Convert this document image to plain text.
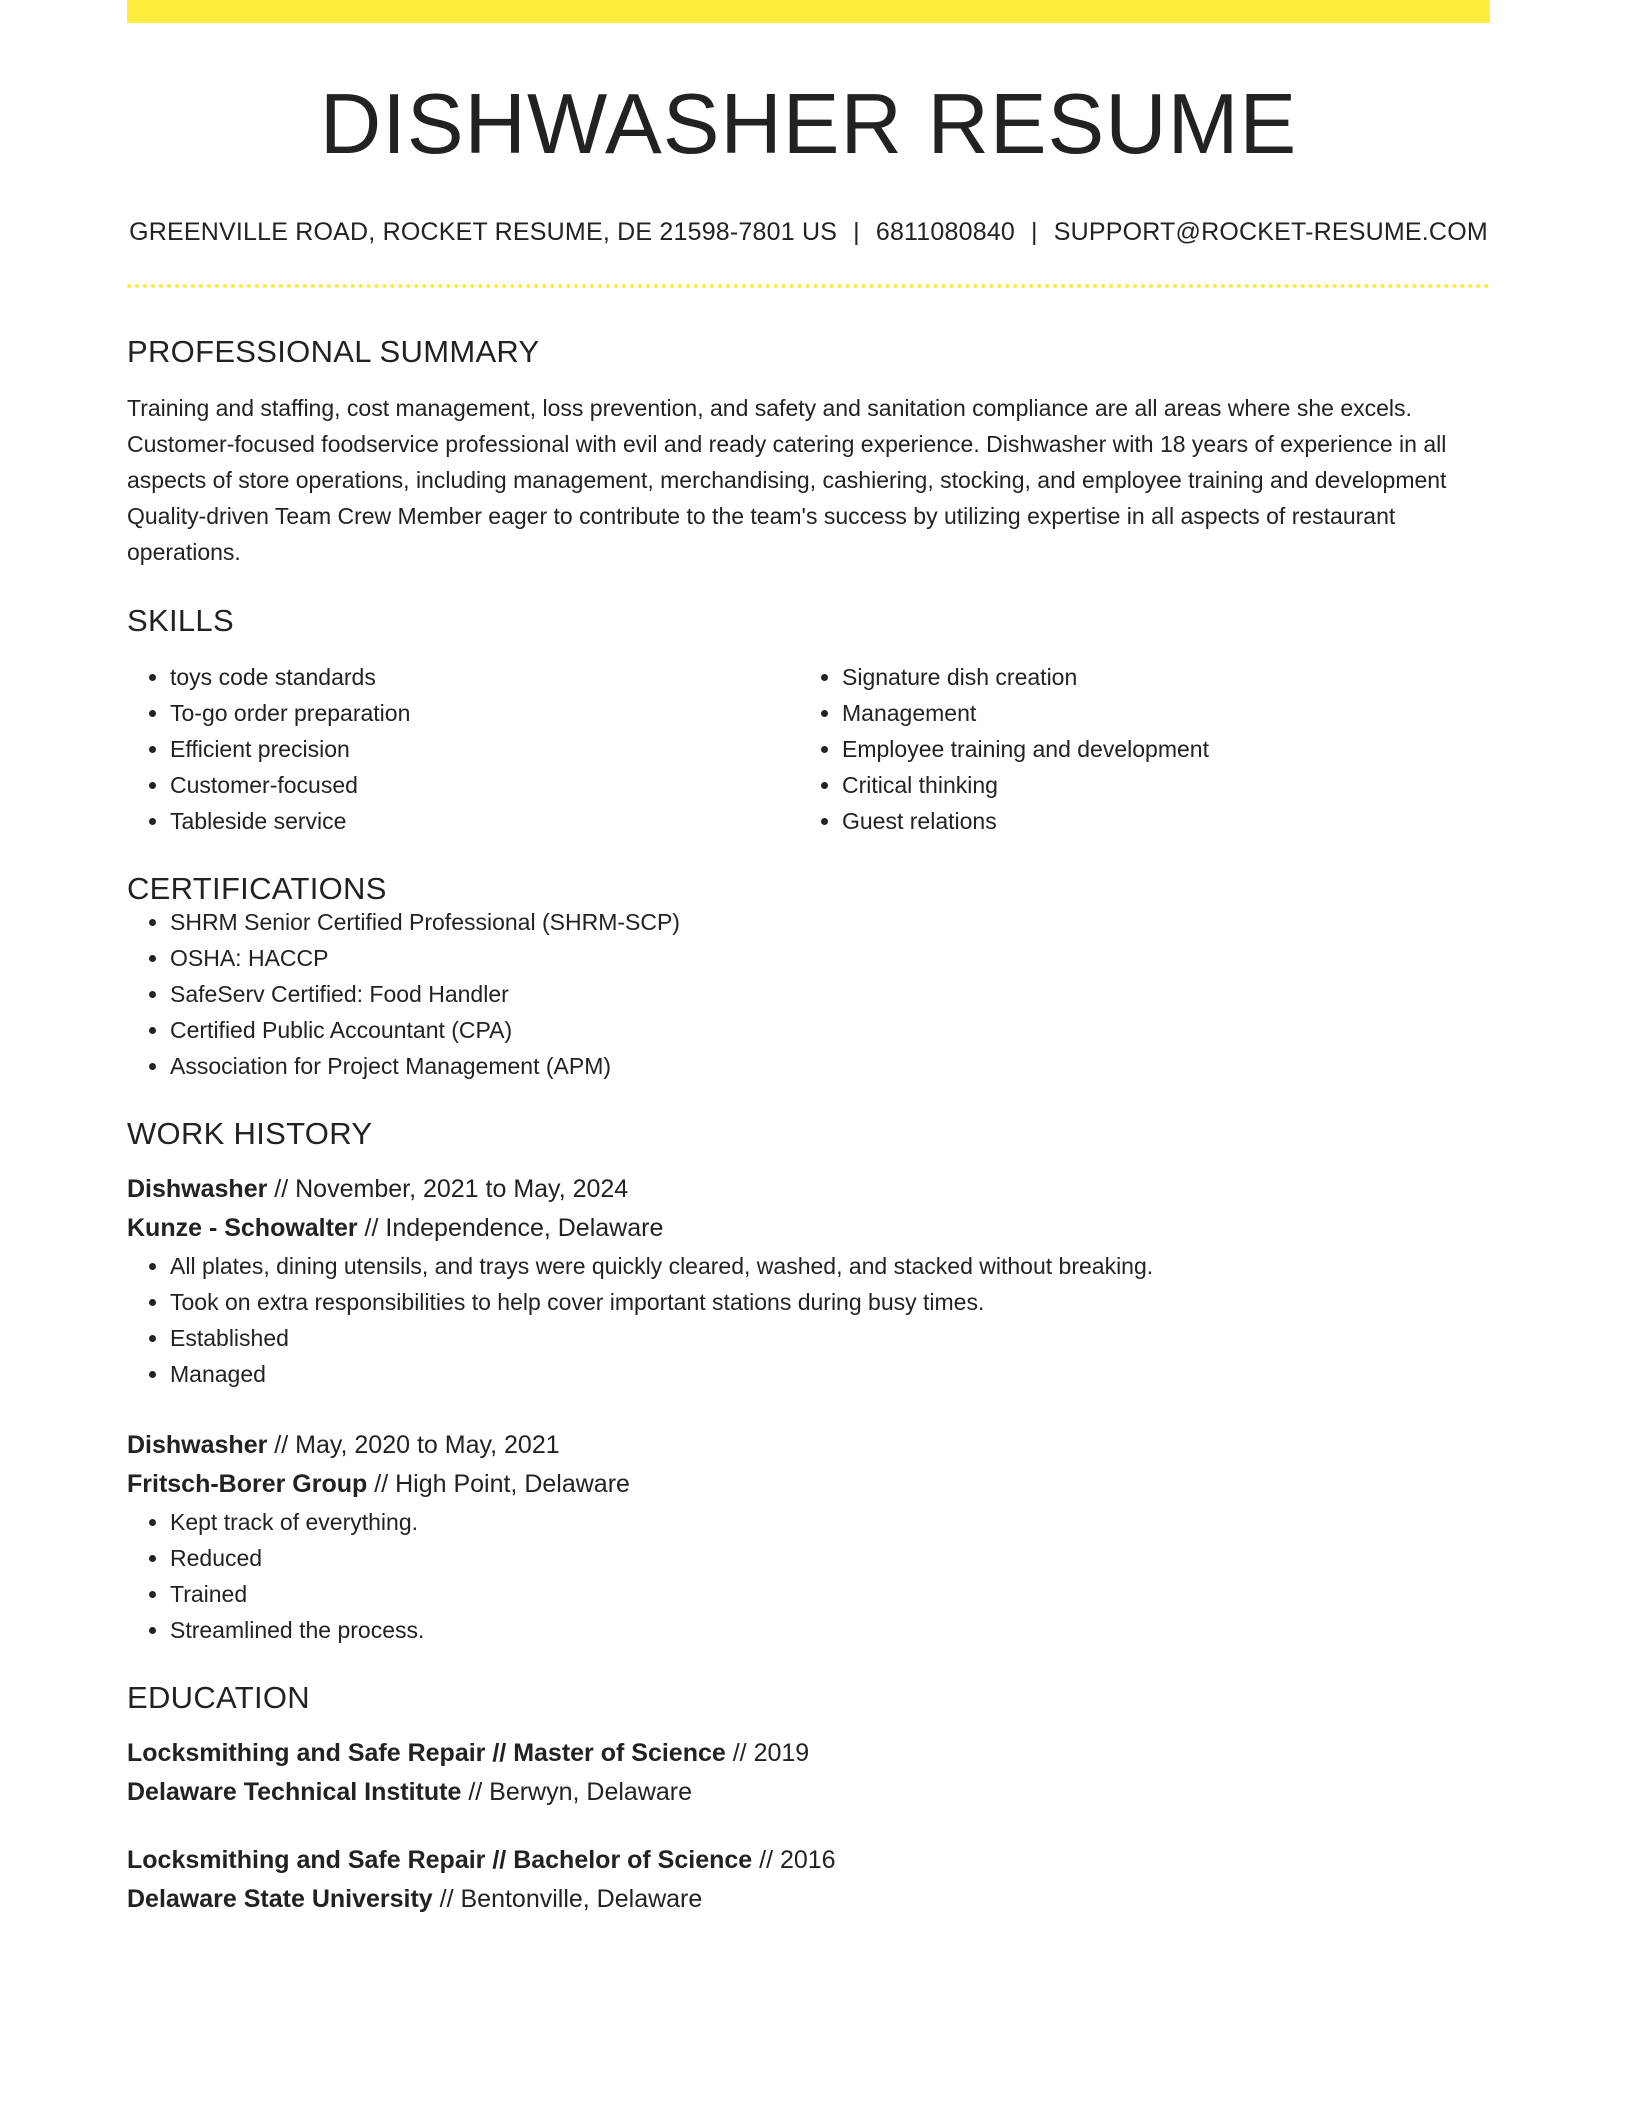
DISHWASHER RESUME
GREENVILLE ROAD, ROCKET RESUME, DE 21598-7801 US | 6811080840 | SUPPORT@ROCKET-RESUME.COM
PROFESSIONAL SUMMARY

Training and staffing, cost management, loss prevention, and safety and sanitation compliance are all areas where she excels. Customer-focused foodservice professional with evil and ready catering experience. Dishwasher with 18 years of experience in all aspects of store operations, including management, merchandising, cashiering, stocking, and employee training and development Quality-driven Team Crew Member eager to contribute to the team's success by utilizing expertise in all aspects of restaurant operations.

SKILLS
• toys code standards
• To-go order preparation
• Efficient precision
• Customer-focused
• Tableside service
• Signature dish creation
• Management
• Employee training and development
• Critical thinking
• Guest relations
CERTIFICATIONS
• SHRM Senior Certified Professional (SHRM-SCP)
• OSHA: HACCP
• SafeServ Certified: Food Handler
• Certified Public Accountant (CPA)
• Association for Project Management (APM)
WORK HISTORY
Dishwasher // November, 2021 to May, 2024
Kunze - Schowalter // Independence, Delaware
• All plates, dining utensils, and trays were quickly cleared, washed, and stacked without breaking.
• Took on extra responsibilities to help cover important stations during busy times.
• Established
• Managed
Dishwasher // May, 2020 to May, 2021
Fritsch-Borer Group // High Point, Delaware
• Kept track of everything.
• Reduced
• Trained
• Streamlined the process.
EDUCATION
Locksmithing and Safe Repair // Master of Science // 2019
Delaware Technical Institute // Berwyn, Delaware
Locksmithing and Safe Repair // Bachelor of Science // 2016
Delaware State University // Bentonville, Delaware
